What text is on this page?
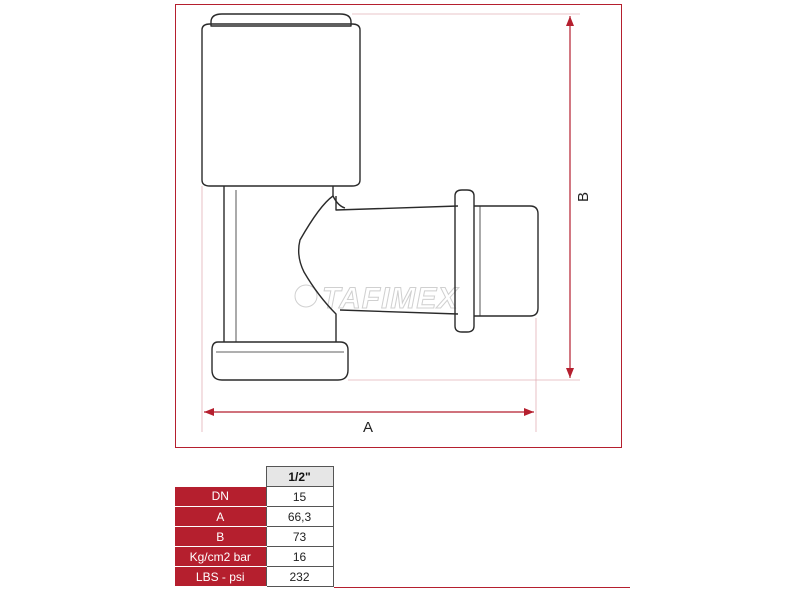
TAFIMEX
A
B
	1/2"
DN	15
A	66,3
B	73
Kg/cm2 bar	16
LBS - psi	232
